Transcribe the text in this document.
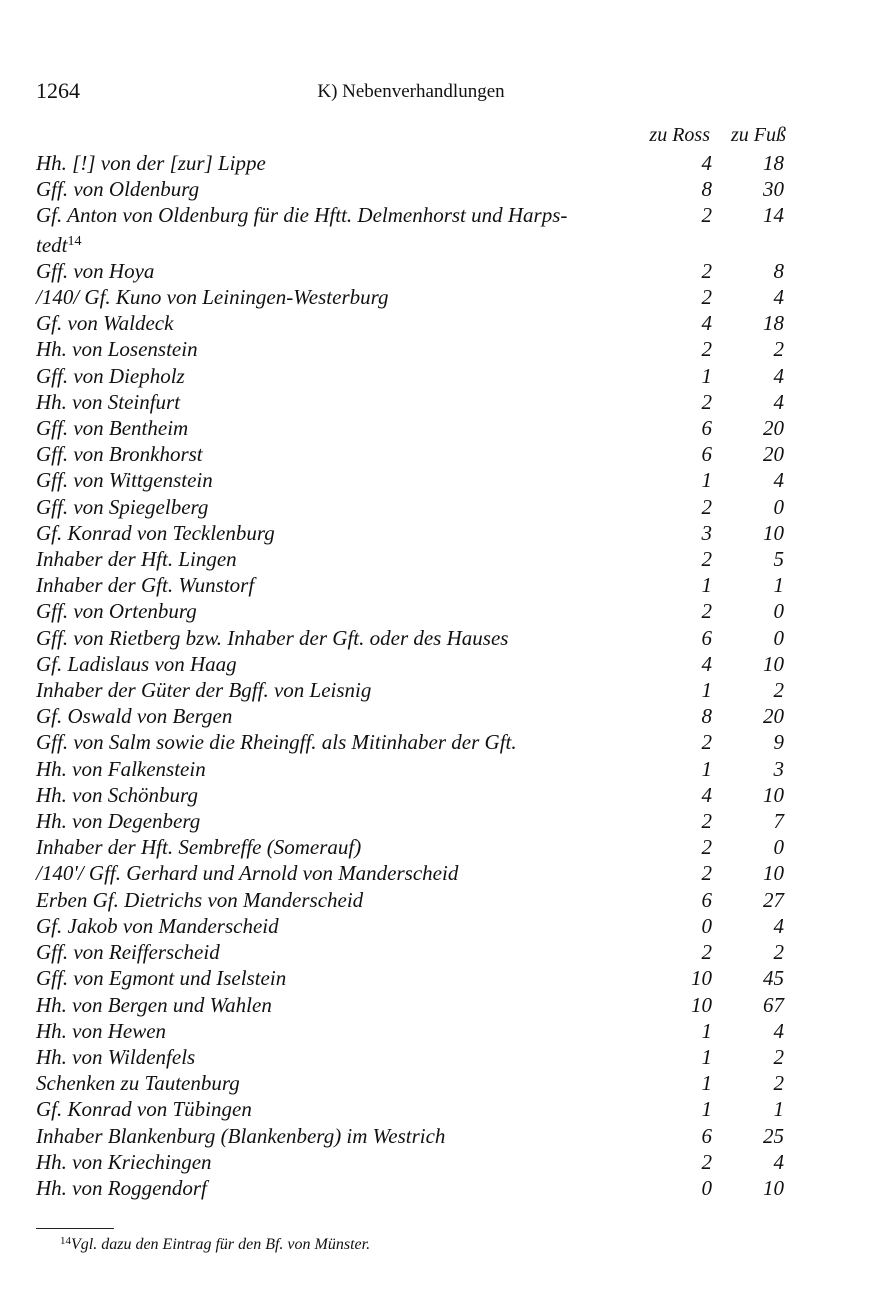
1264	K) Nebenverhandlungen
zu Ross zu Fuß
Hh. [!] von der [zur] Lippe	4	18
Gff. von Oldenburg	8	30
Gf. Anton von Oldenburg für die Hftt. Delmenhorst und Harps-
tedt$^{14}$
2	14
Gff. von Hoya	2	8
/140/ Gf. Kuno von Leiningen-Westerburg	2	4
Gf. von Waldeck	4	18
Hh. von Losenstein	2	2
Gff. von Diepholz	1	4
Hh. von Steinfurt	2	4
Gff. von Bentheim	6	20
Gff. von Bronkhorst	6	20
Gff. von Wittgenstein	1	4
Gff. von Spiegelberg	2	0
Gf. Konrad von Tecklenburg	3	10
Inhaber der Hft. Lingen	2	5
Inhaber der Gft. Wunstorf	1	1
Gff. von Ortenburg	2	0
Gff. von Rietberg bzw. Inhaber der Gft. oder des Hauses	6	0
Gf. Ladislaus von Haag	4	10
Inhaber der Güter der Bgff. von Leisnig	1	2
Gf. Oswald von Bergen	8	20
Gff. von Salm sowie die Rheingff. als Mitinhaber der Gft.	2	9
Hh. von Falkenstein	1	3
Hh. von Schönburg	4	10
Hh. von Degenberg	2	7
Inhaber der Hft. Sembreffe (Somerauf)	2	0
/140'/ Gff. Gerhard und Arnold von Manderscheid	2	10
Erben Gf. Dietrichs von Manderscheid	6	27
Gf. Jakob von Manderscheid	0	4
Gff. von Reifferscheid	2	2
Gff. von Egmont und Iselstein	10	45
Hh. von Bergen und Wahlen	10	67
Hh. von Hewen	1	4
Hh. von Wildenfels	1	2
Schenken zu Tautenburg	1	2
Gf. Konrad von Tübingen	1	1
Inhaber Blankenburg (Blankenberg) im Westrich	6	25
Hh. von Kriechingen	2	4
Hh. von Roggendorf	0	10
$^{14}$Vgl. dazu den Eintrag für den Bf. von Münster.
